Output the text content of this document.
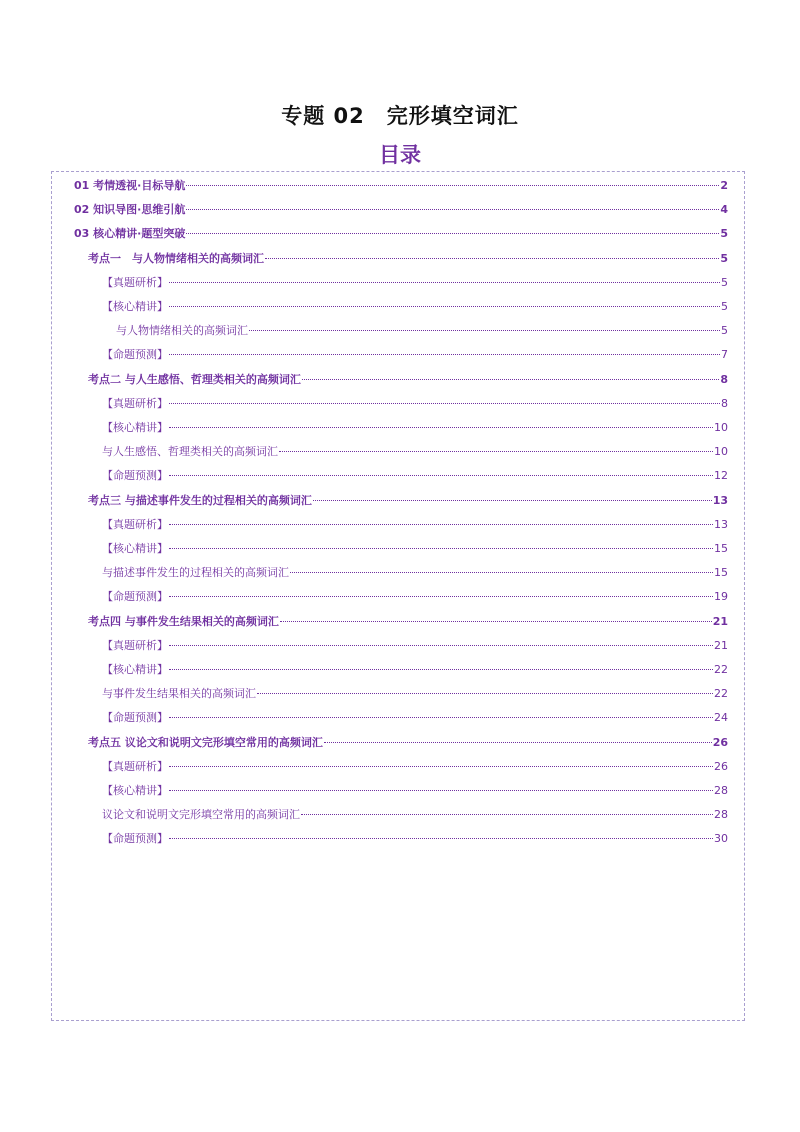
专题 02　完形填空词汇
目录
01 考情透视·目标导航	2
02 知识导图·思维引航	4
03 核心精讲·题型突破	5
考点一　与人物情绪相关的高频词汇	5
【真题研析】	5
【核心精讲】	5
与人物情绪相关的高频词汇	5
【命题预测】	7
考点二 与人生感悟、哲理类相关的高频词汇	8
【真题研析】	8
【核心精讲】	10
与人生感悟、哲理类相关的高频词汇	10
【命题预测】	12
考点三 与描述事件发生的过程相关的高频词汇	13
【真题研析】	13
【核心精讲】	15
与描述事件发生的过程相关的高频词汇	15
【命题预测】	19
考点四 与事件发生结果相关的高频词汇	21
【真题研析】	21
【核心精讲】	22
与事件发生结果相关的高频词汇	22
【命题预测】	24
考点五 议论文和说明文完形填空常用的高频词汇	26
【真题研析】	26
【核心精讲】	28
议论文和说明文完形填空常用的高频词汇	28
【命题预测】	30
